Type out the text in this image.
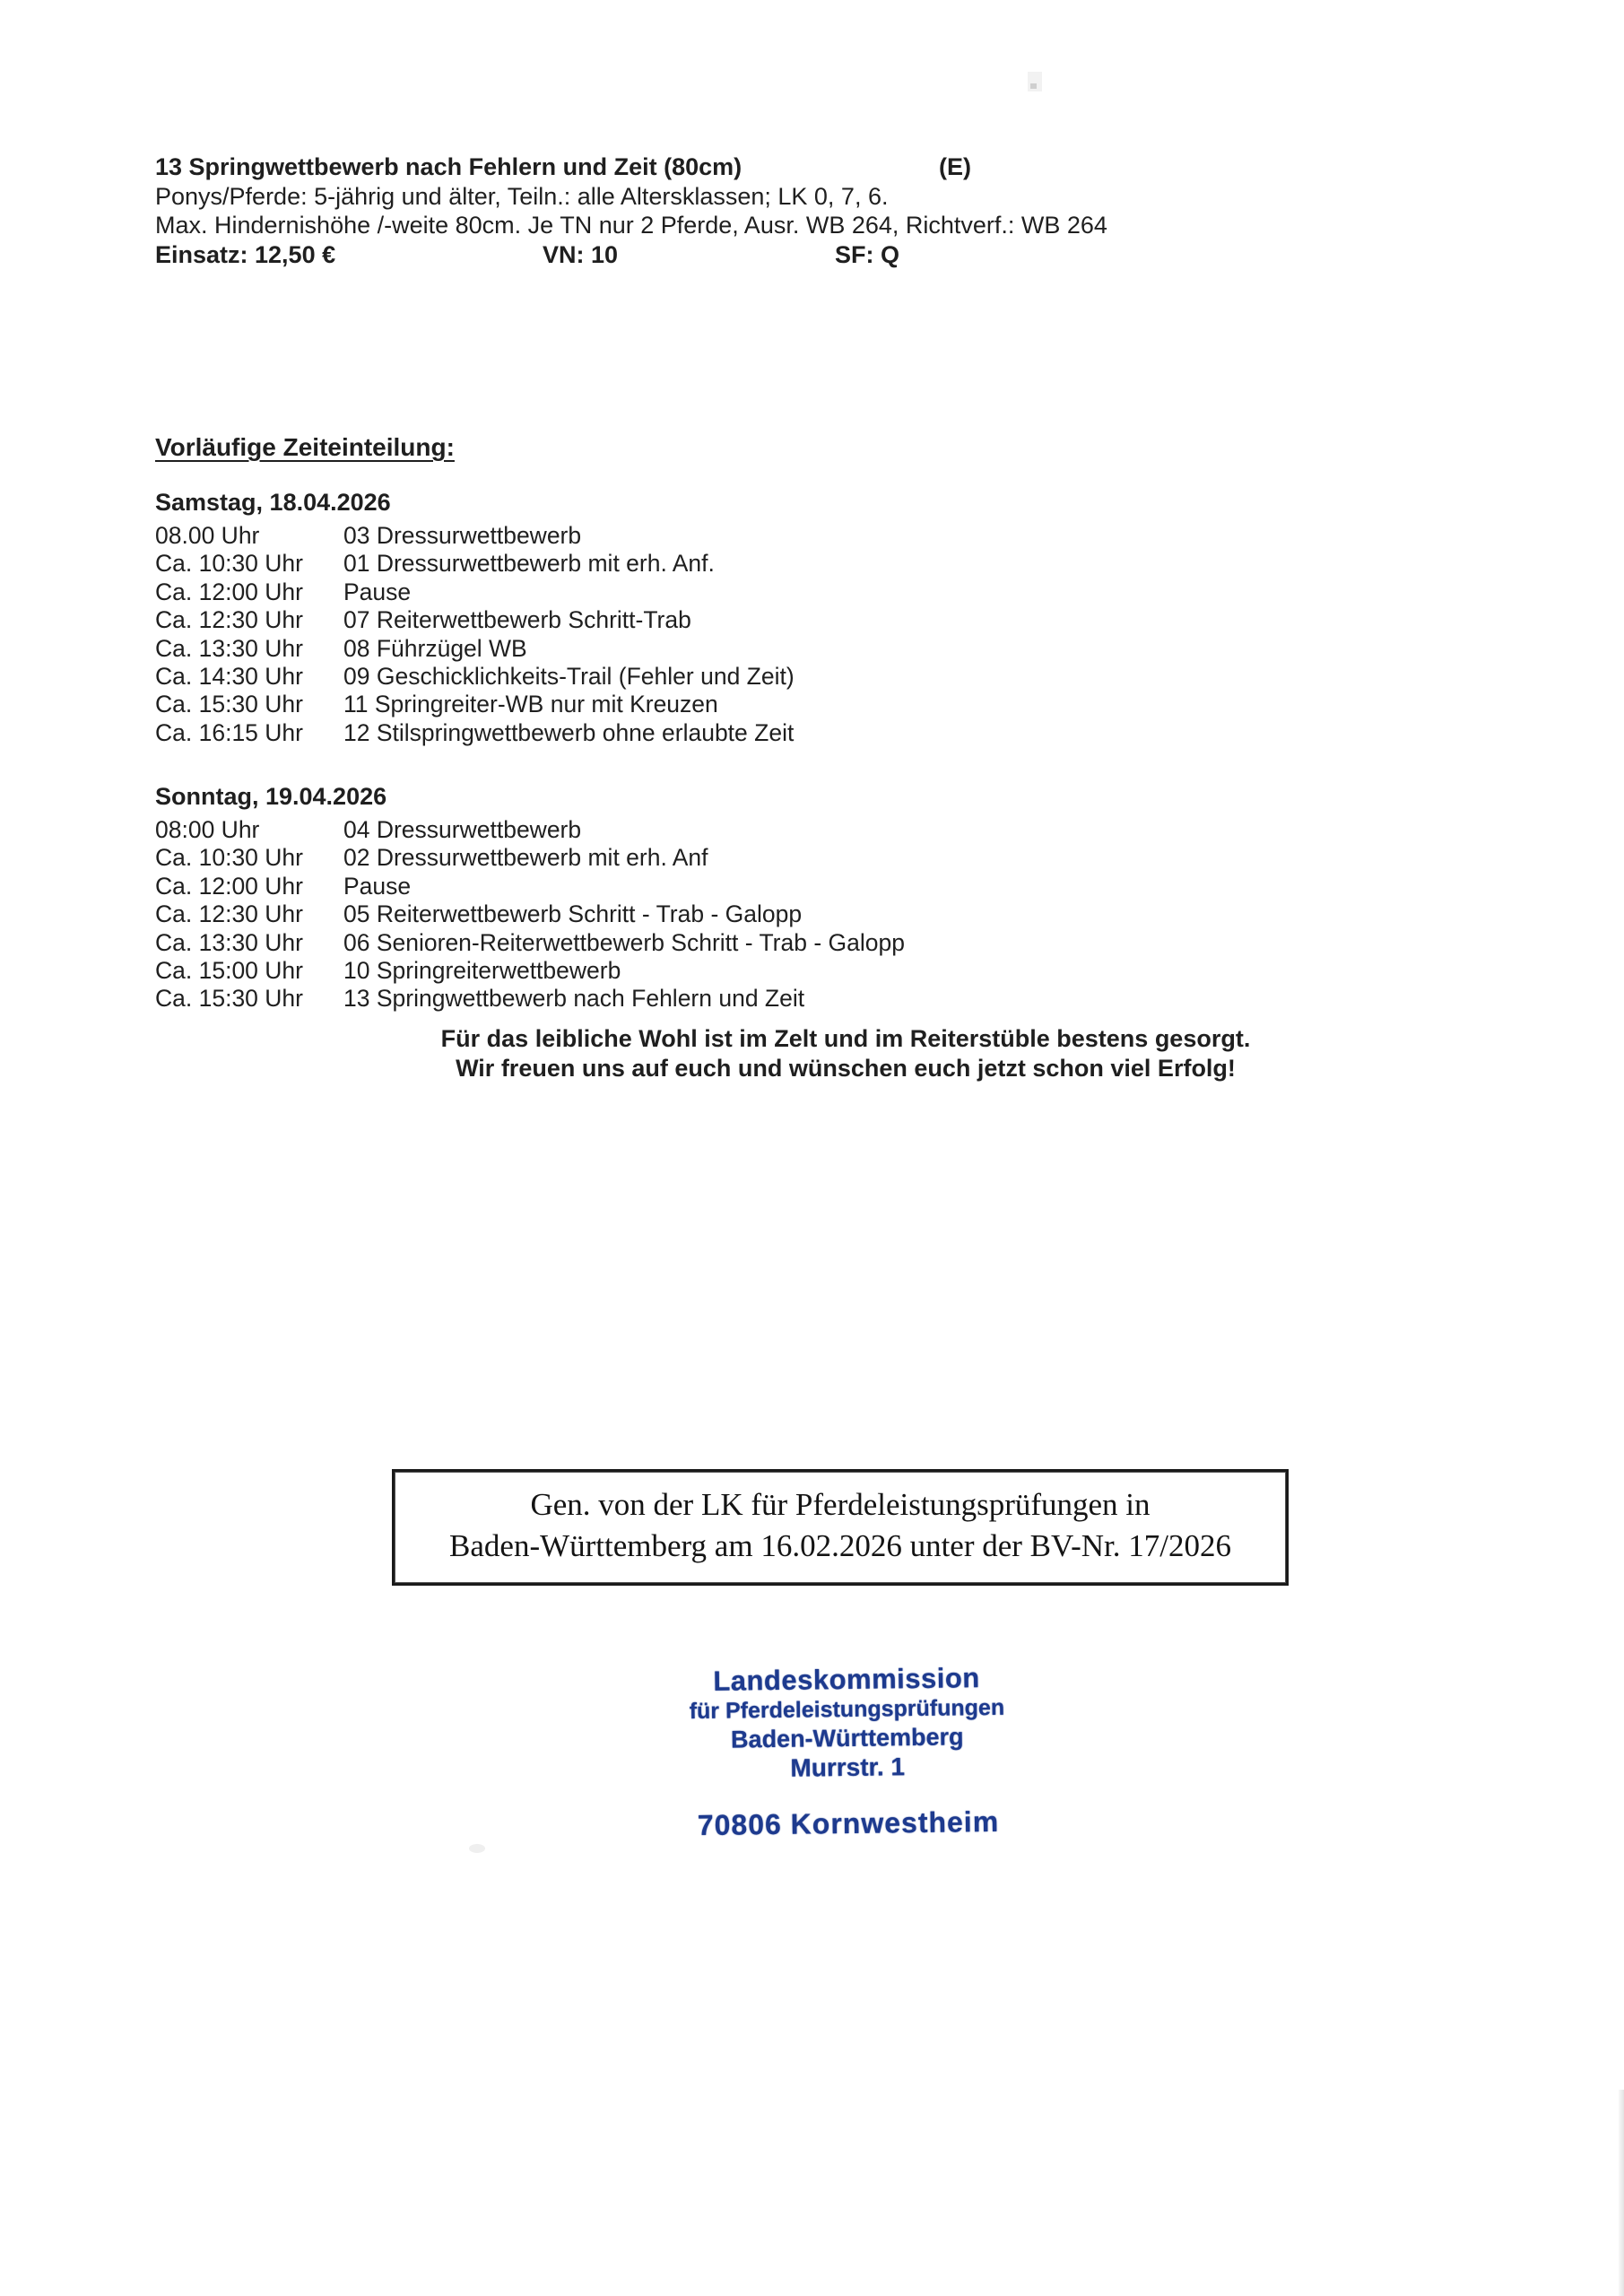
13 Springwettbewerb nach Fehlern und Zeit (80cm)	(E)
Ponys/Pferde: 5-jährig und älter, Teiln.: alle Altersklassen; LK 0, 7, 6.
Max. Hindernishöhe /-weite 80cm. Je TN nur 2 Pferde, Ausr. WB 264, Richtverf.: WB 264
Einsatz: 12,50 €	VN: 10	SF: Q
Vorläufige Zeiteinteilung:
Samstag, 18.04.2026
08.00 Uhr	03 Dressurwettbewerb
Ca. 10:30 Uhr	01 Dressurwettbewerb mit erh. Anf.
Ca. 12:00 Uhr	Pause
Ca. 12:30 Uhr	07 Reiterwettbewerb Schritt-Trab
Ca. 13:30 Uhr	08 Führzügel WB
Ca. 14:30 Uhr	09 Geschicklichkeits-Trail (Fehler und Zeit)
Ca. 15:30 Uhr	11 Springreiter-WB nur mit Kreuzen
Ca. 16:15 Uhr	12 Stilspringwettbewerb ohne erlaubte Zeit
Sonntag, 19.04.2026
08:00 Uhr	04 Dressurwettbewerb
Ca. 10:30 Uhr	02 Dressurwettbewerb mit erh. Anf
Ca. 12:00 Uhr	Pause
Ca. 12:30 Uhr	05 Reiterwettbewerb Schritt - Trab - Galopp
Ca. 13:30 Uhr	06 Senioren-Reiterwettbewerb Schritt - Trab - Galopp
Ca. 15:00 Uhr	10 Springreiterwettbewerb
Ca. 15:30 Uhr	13 Springwettbewerb nach Fehlern und Zeit
Für das leibliche Wohl ist im Zelt und im Reiterstüble bestens gesorgt.
Wir freuen uns auf euch und wünschen euch jetzt schon viel Erfolg!
Gen. von der LK für Pferdeleistungsprüfungen in
Baden-Württemberg am 16.02.2026 unter der BV-Nr. 17/2026
Landeskommission
für Pferdeleistungsprüfungen
Baden-Württemberg
Murrstr. 1
70806 Kornwestheim
